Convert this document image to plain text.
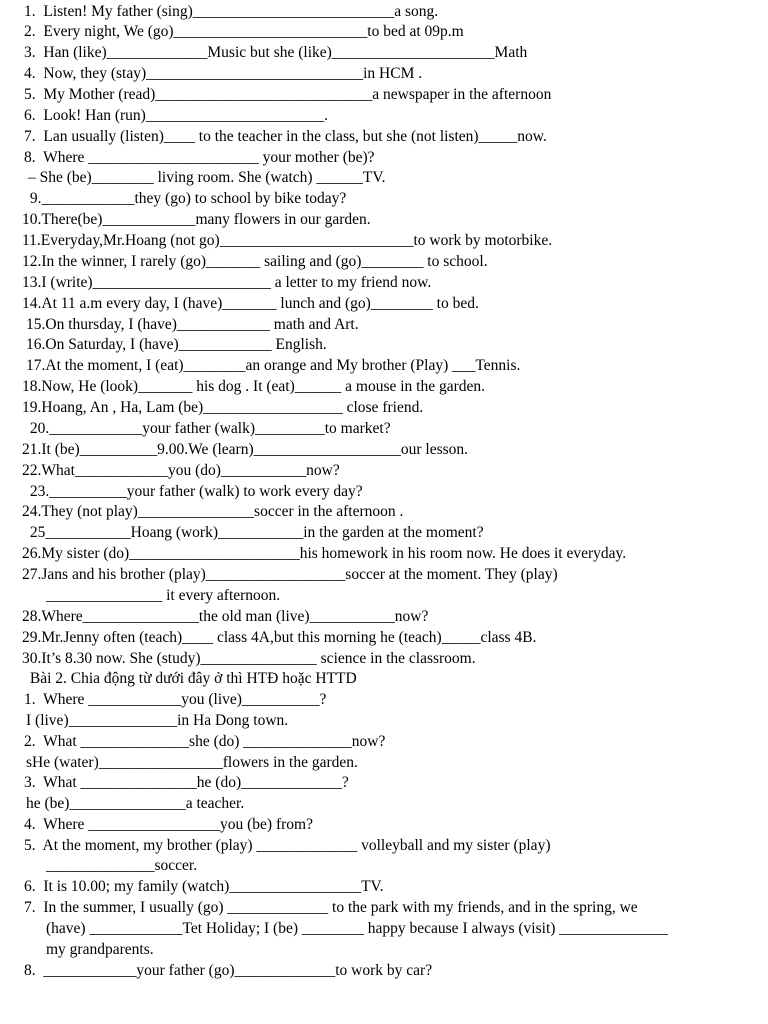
1.  Listen! My father (sing)__________________________a song.
2.  Every night, We (go)_________________________to bed at 09p.m
3.  Han (like)_____________Music but she (like)_____________________Math
4.  Now, they (stay)____________________________in HCM .
5.  My Mother (read)____________________________a newspaper in the afternoon
6.  Look! Han (run)_______________________.
7.  Lan usually (listen)____ to the teacher in the class, but she (not listen)_____now.
8.  Where ______________________ your mother (be)?
– She (be)________ living room. She (watch) ______TV.
9.____________they (go) to school by bike today?
10.There(be)____________many flowers in our garden.
11.Everyday,Mr.Hoang (not go)_________________________to work by motorbike.
12.In the winner, I rarely (go)_______ sailing and (go)________ to school.
13.I (write)_______________________ a letter to my friend now.
14.At 11 a.m every day, I (have)_______ lunch and (go)________ to bed.
15.On thursday, I (have)____________ math and Art.
16.On Saturday, I (have)____________ English.
17.At the moment, I (eat)________an orange and My brother (Play) ___Tennis.
18.Now, He (look)_______ his dog . It (eat)______ a mouse in the garden.
19.Hoang, An , Ha, Lam (be)__________________ close friend.
20.____________your father (walk)_________to market?
21.It (be)__________9.00.We (learn)___________________our lesson.
22.What____________you (do)___________now?
23.__________your father (walk) to work every day?
24.They (not play)_______________soccer in the afternoon .
25___________Hoang (work)___________in the garden at the moment?
26.My sister (do)______________________his homework in his room now. He does it everyday.
27.Jans and his brother (play)__________________soccer at the moment. They (play)
_______________ it every afternoon.
28.Where_______________the old man (live)___________now?
29.Mr.Jenny often (teach)____ class 4A,but this morning he (teach)_____class 4B.
30.It’s 8.30 now. She (study)_______________ science in the classroom.
Bài 2. Chia động từ dưới đây ở thì HTĐ hoặc HTTD
1.  Where ____________you (live)__________?
I (live)______________in Ha Dong town.
2.  What ______________she (do) ______________now?
sHe (water)________________flowers in the garden.
3.  What _______________he (do)_____________?
he (be)_______________a teacher.
4.  Where _________________you (be) from?
5.  At the moment, my brother (play) _____________ volleyball and my sister (play)
______________soccer.
6.  It is 10.00; my family (watch)_________________TV.
7.  In the summer, I usually (go) _____________ to the park with my friends, and in the spring, we
(have) ____________Tet Holiday; I (be) ________ happy because I always (visit) ______________
my grandparents.
8.  ____________your father (go)_____________to work by car?
